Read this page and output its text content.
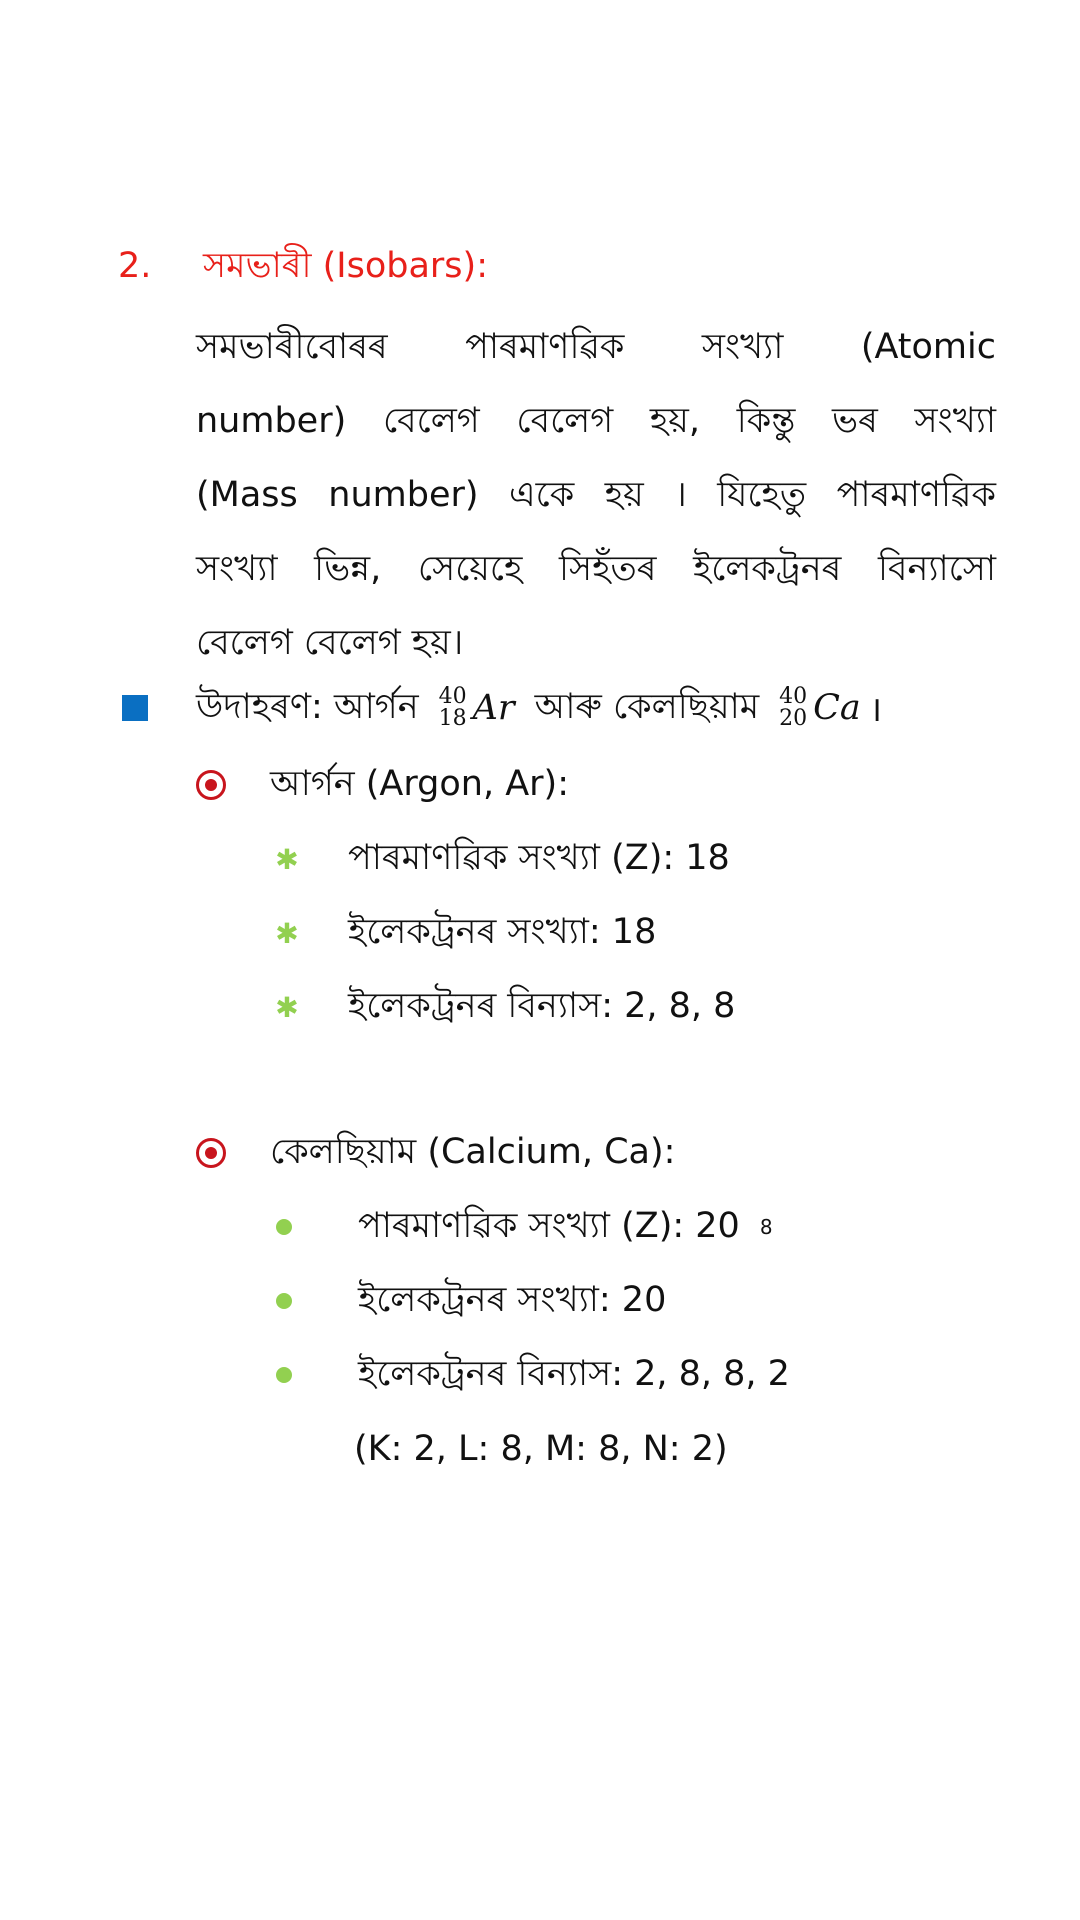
2. সমভাৰী (Isobars):
সমভাৰীবোৰৰ পাৰমাণৱিক সংখ্যা (Atomic
number) বেলেগ বেলেগ হয়, কিন্তু ভৰ সংখ্যা
(Mass number) একে হয় । যিহেতু পাৰমাণৱিক
সংখ্যা ভিন্ন, সেয়েহে সিহঁতৰ ইলেকট্ৰনৰ বিন্যাসো
বেলেগ বেলেগ হয়।
উদাহৰণ: আৰ্গন 40
18 Ar আৰু কেলছিয়াম 40
20 Ca ।
আৰ্গন (Argon, Ar):
✱ পাৰমাণৱিক সংখ্যা (Z): 18
✱ ইলেকট্ৰনৰ সংখ্যা: 18
✱ ইলেকট্ৰনৰ বিন্যাস: 2, 8, 8
কেলছিয়াম (Calcium, Ca):
পাৰমাণৱিক সংখ্যা (Z): 20 8
ইলেকট্ৰনৰ সংখ্যা: 20
ইলেকট্ৰনৰ বিন্যাস: 2, 8, 8, 2
(K: 2, L: 8, M: 8, N: 2)
